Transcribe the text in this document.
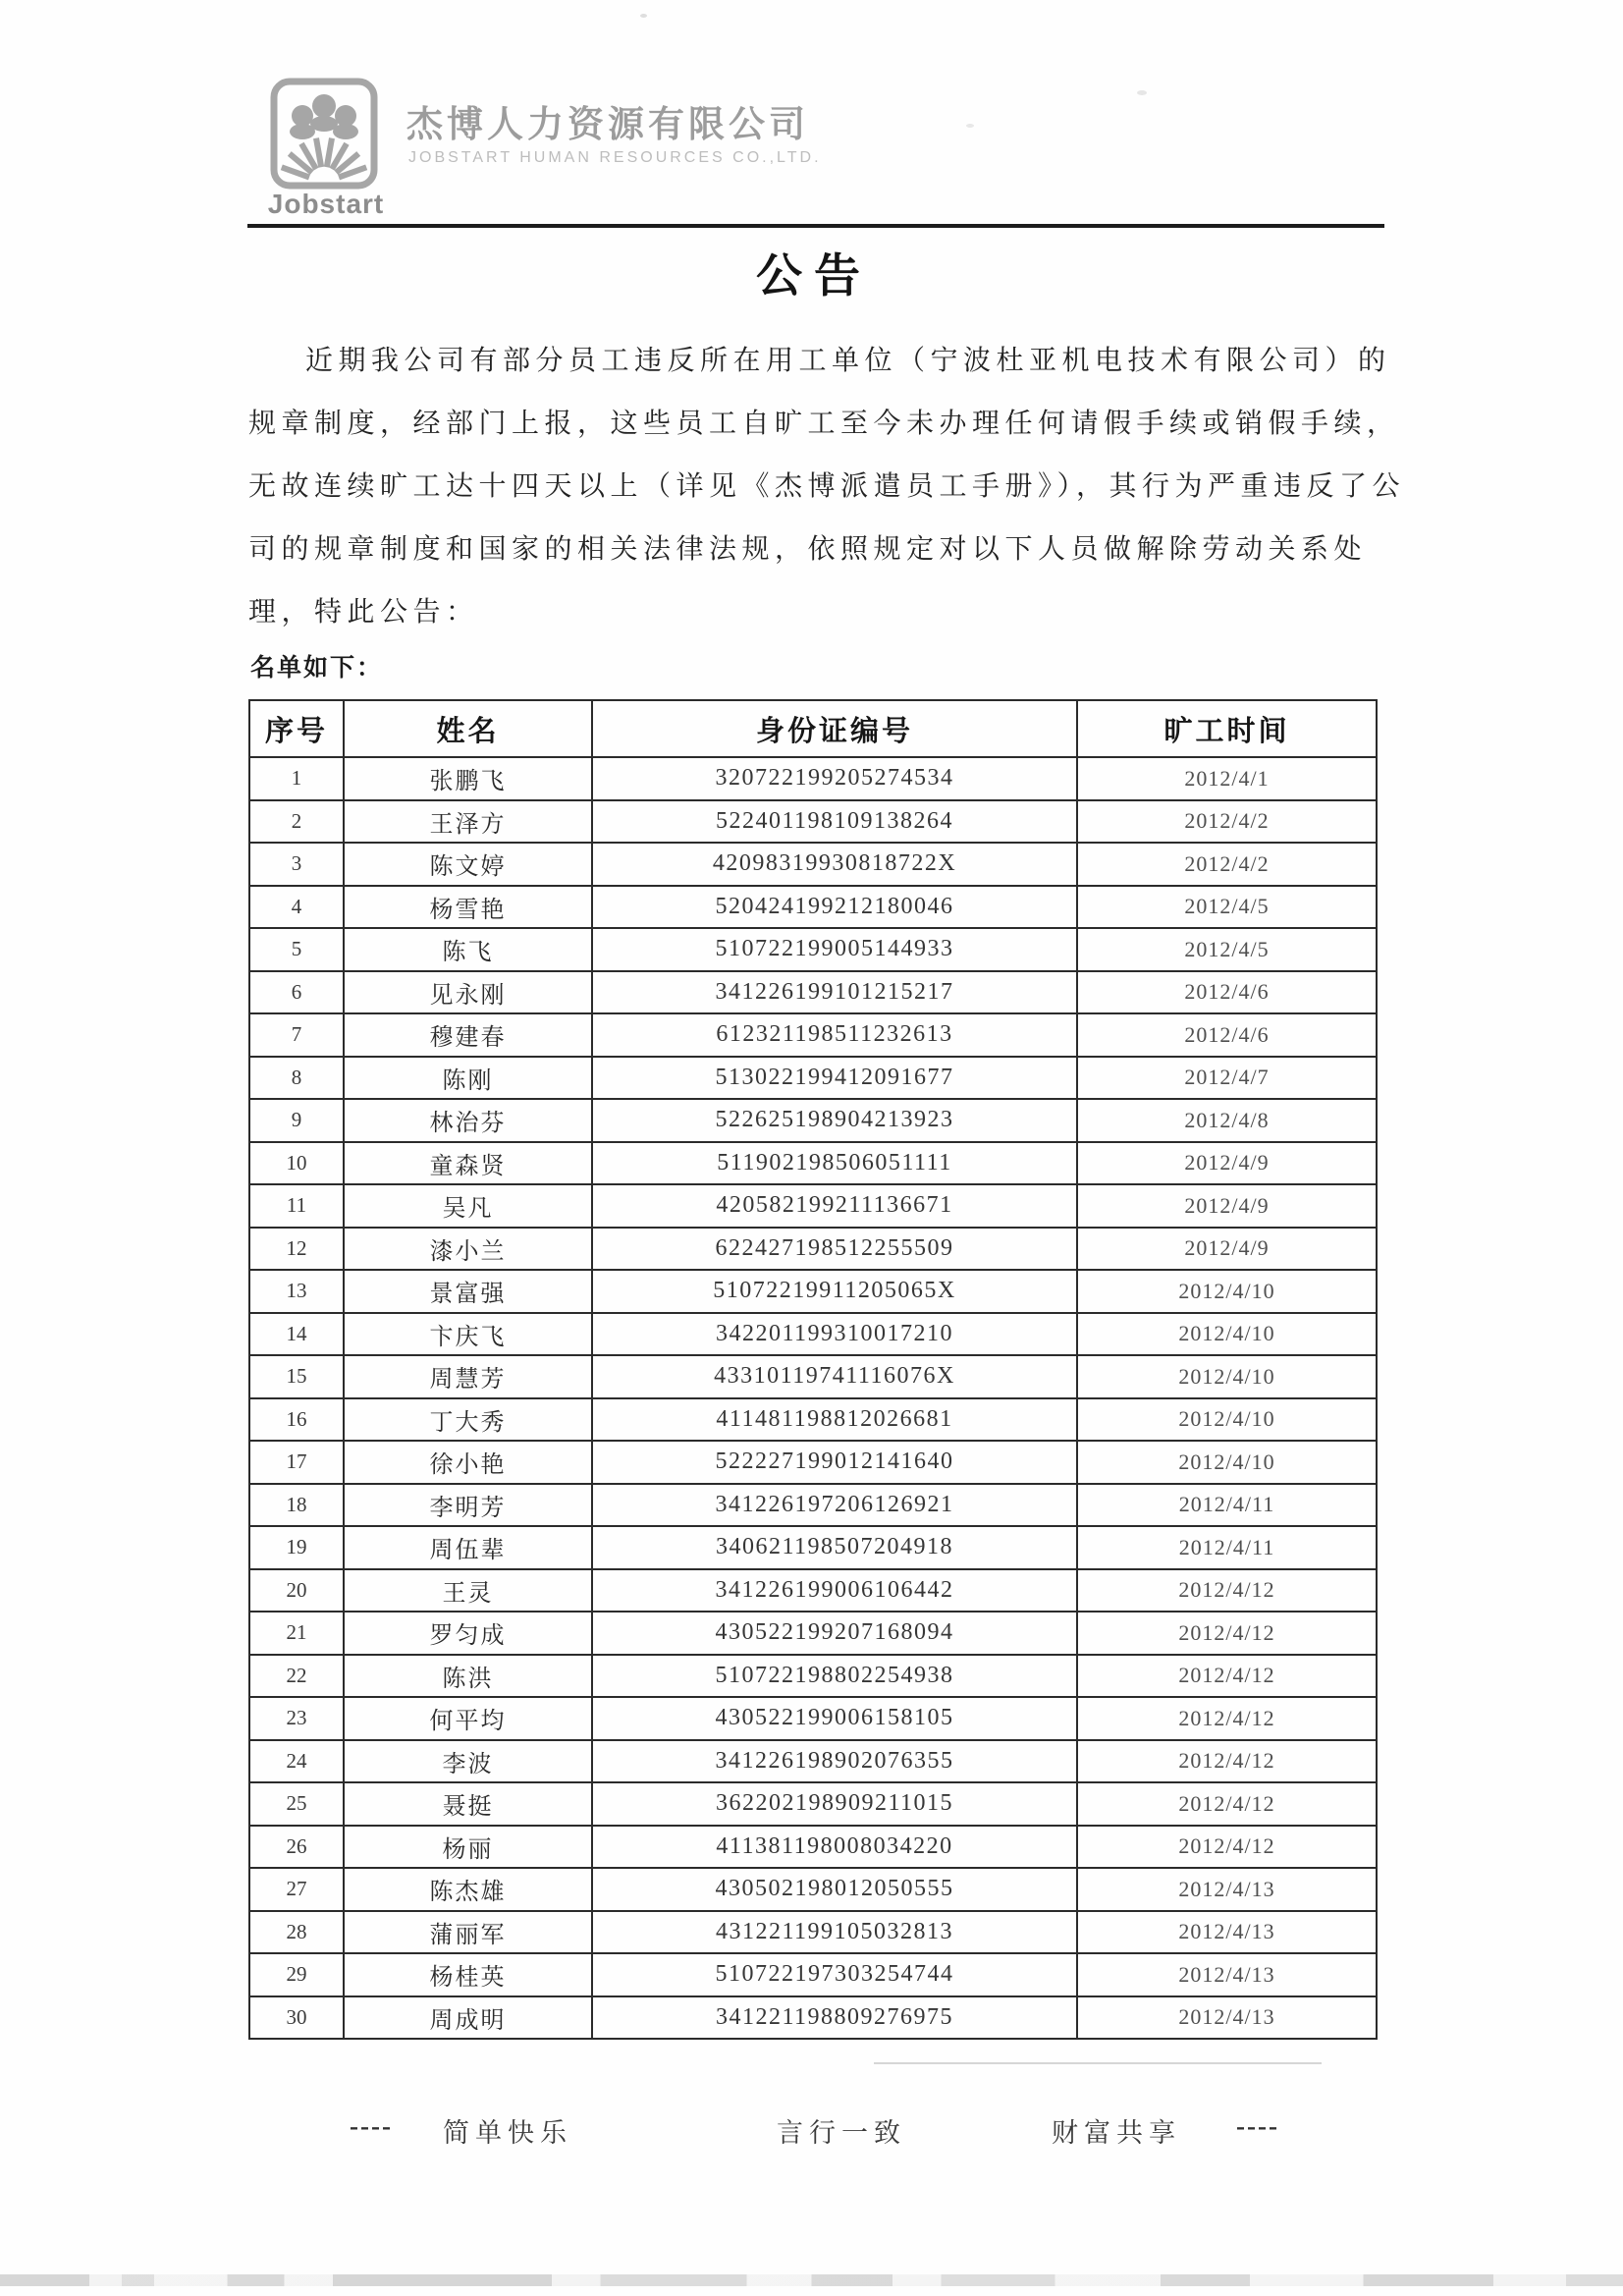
Jobstart
杰博人力资源有限公司
JOBSTART HUMAN RESOURCES CO.,LTD.
公告
近期我公司有部分员工违反所在用工单位（宁波杜亚机电技术有限公司）的
规章制度，经部门上报，这些员工自旷工至今未办理任何请假手续或销假手续，
无故连续旷工达十四天以上（详见《杰博派遣员工手册》），其行为严重违反了公
司的规章制度和国家的相关法律法规，依照规定对以下人员做解除劳动关系处
理，特此公告：
名单如下：
序号	姓名	身份证编号	旷工时间
1	张鹏飞	320722199205274534	2012/4/1
2	王泽方	522401198109138264	2012/4/2
3	陈文婷	42098319930818722X	2012/4/2
4	杨雪艳	520424199212180046	2012/4/5
5	陈飞	510722199005144933	2012/4/5
6	见永刚	341226199101215217	2012/4/6
7	穆建春	612321198511232613	2012/4/6
8	陈刚	513022199412091677	2012/4/7
9	林治芬	522625198904213923	2012/4/8
10	童森贤	511902198506051111	2012/4/9
11	吴凡	420582199211136671	2012/4/9
12	漆小兰	622427198512255509	2012/4/9
13	景富强	51072219911205065X	2012/4/10
14	卞庆飞	342201199310017210	2012/4/10
15	周慧芳	43310119741116076X	2012/4/10
16	丁大秀	411481198812026681	2012/4/10
17	徐小艳	522227199012141640	2012/4/10
18	李明芳	341226197206126921	2012/4/11
19	周伍辈	340621198507204918	2012/4/11
20	王灵	341226199006106442	2012/4/12
21	罗匀成	430522199207168094	2012/4/12
22	陈洪	510722198802254938	2012/4/12
23	何平均	430522199006158105	2012/4/12
24	李波	341226198902076355	2012/4/12
25	聂挺	362202198909211015	2012/4/12
26	杨丽	411381198008034220	2012/4/12
27	陈杰雄	430502198012050555	2012/4/13
28	蒲丽军	431221199105032813	2012/4/13
29	杨桂英	510722197303254744	2012/4/13
30	周成明	341221198809276975	2012/4/13
---- 简单快乐	言行一致	财富共享 ----
